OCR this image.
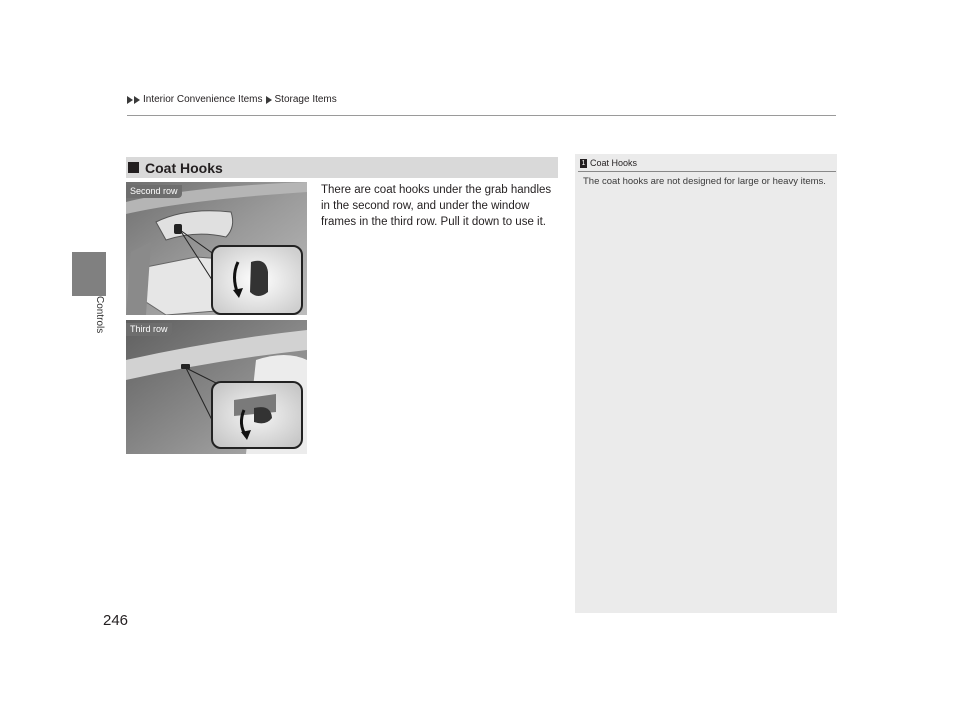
Interior Convenience Items Storage Items
Controls
Coat Hooks
There are coat hooks under the grab handles in the second row, and under the window frames in the third row. Pull it down to use it.
Second row
Third row
1 Coat Hooks
The coat hooks are not designed for large or heavy items.
246
